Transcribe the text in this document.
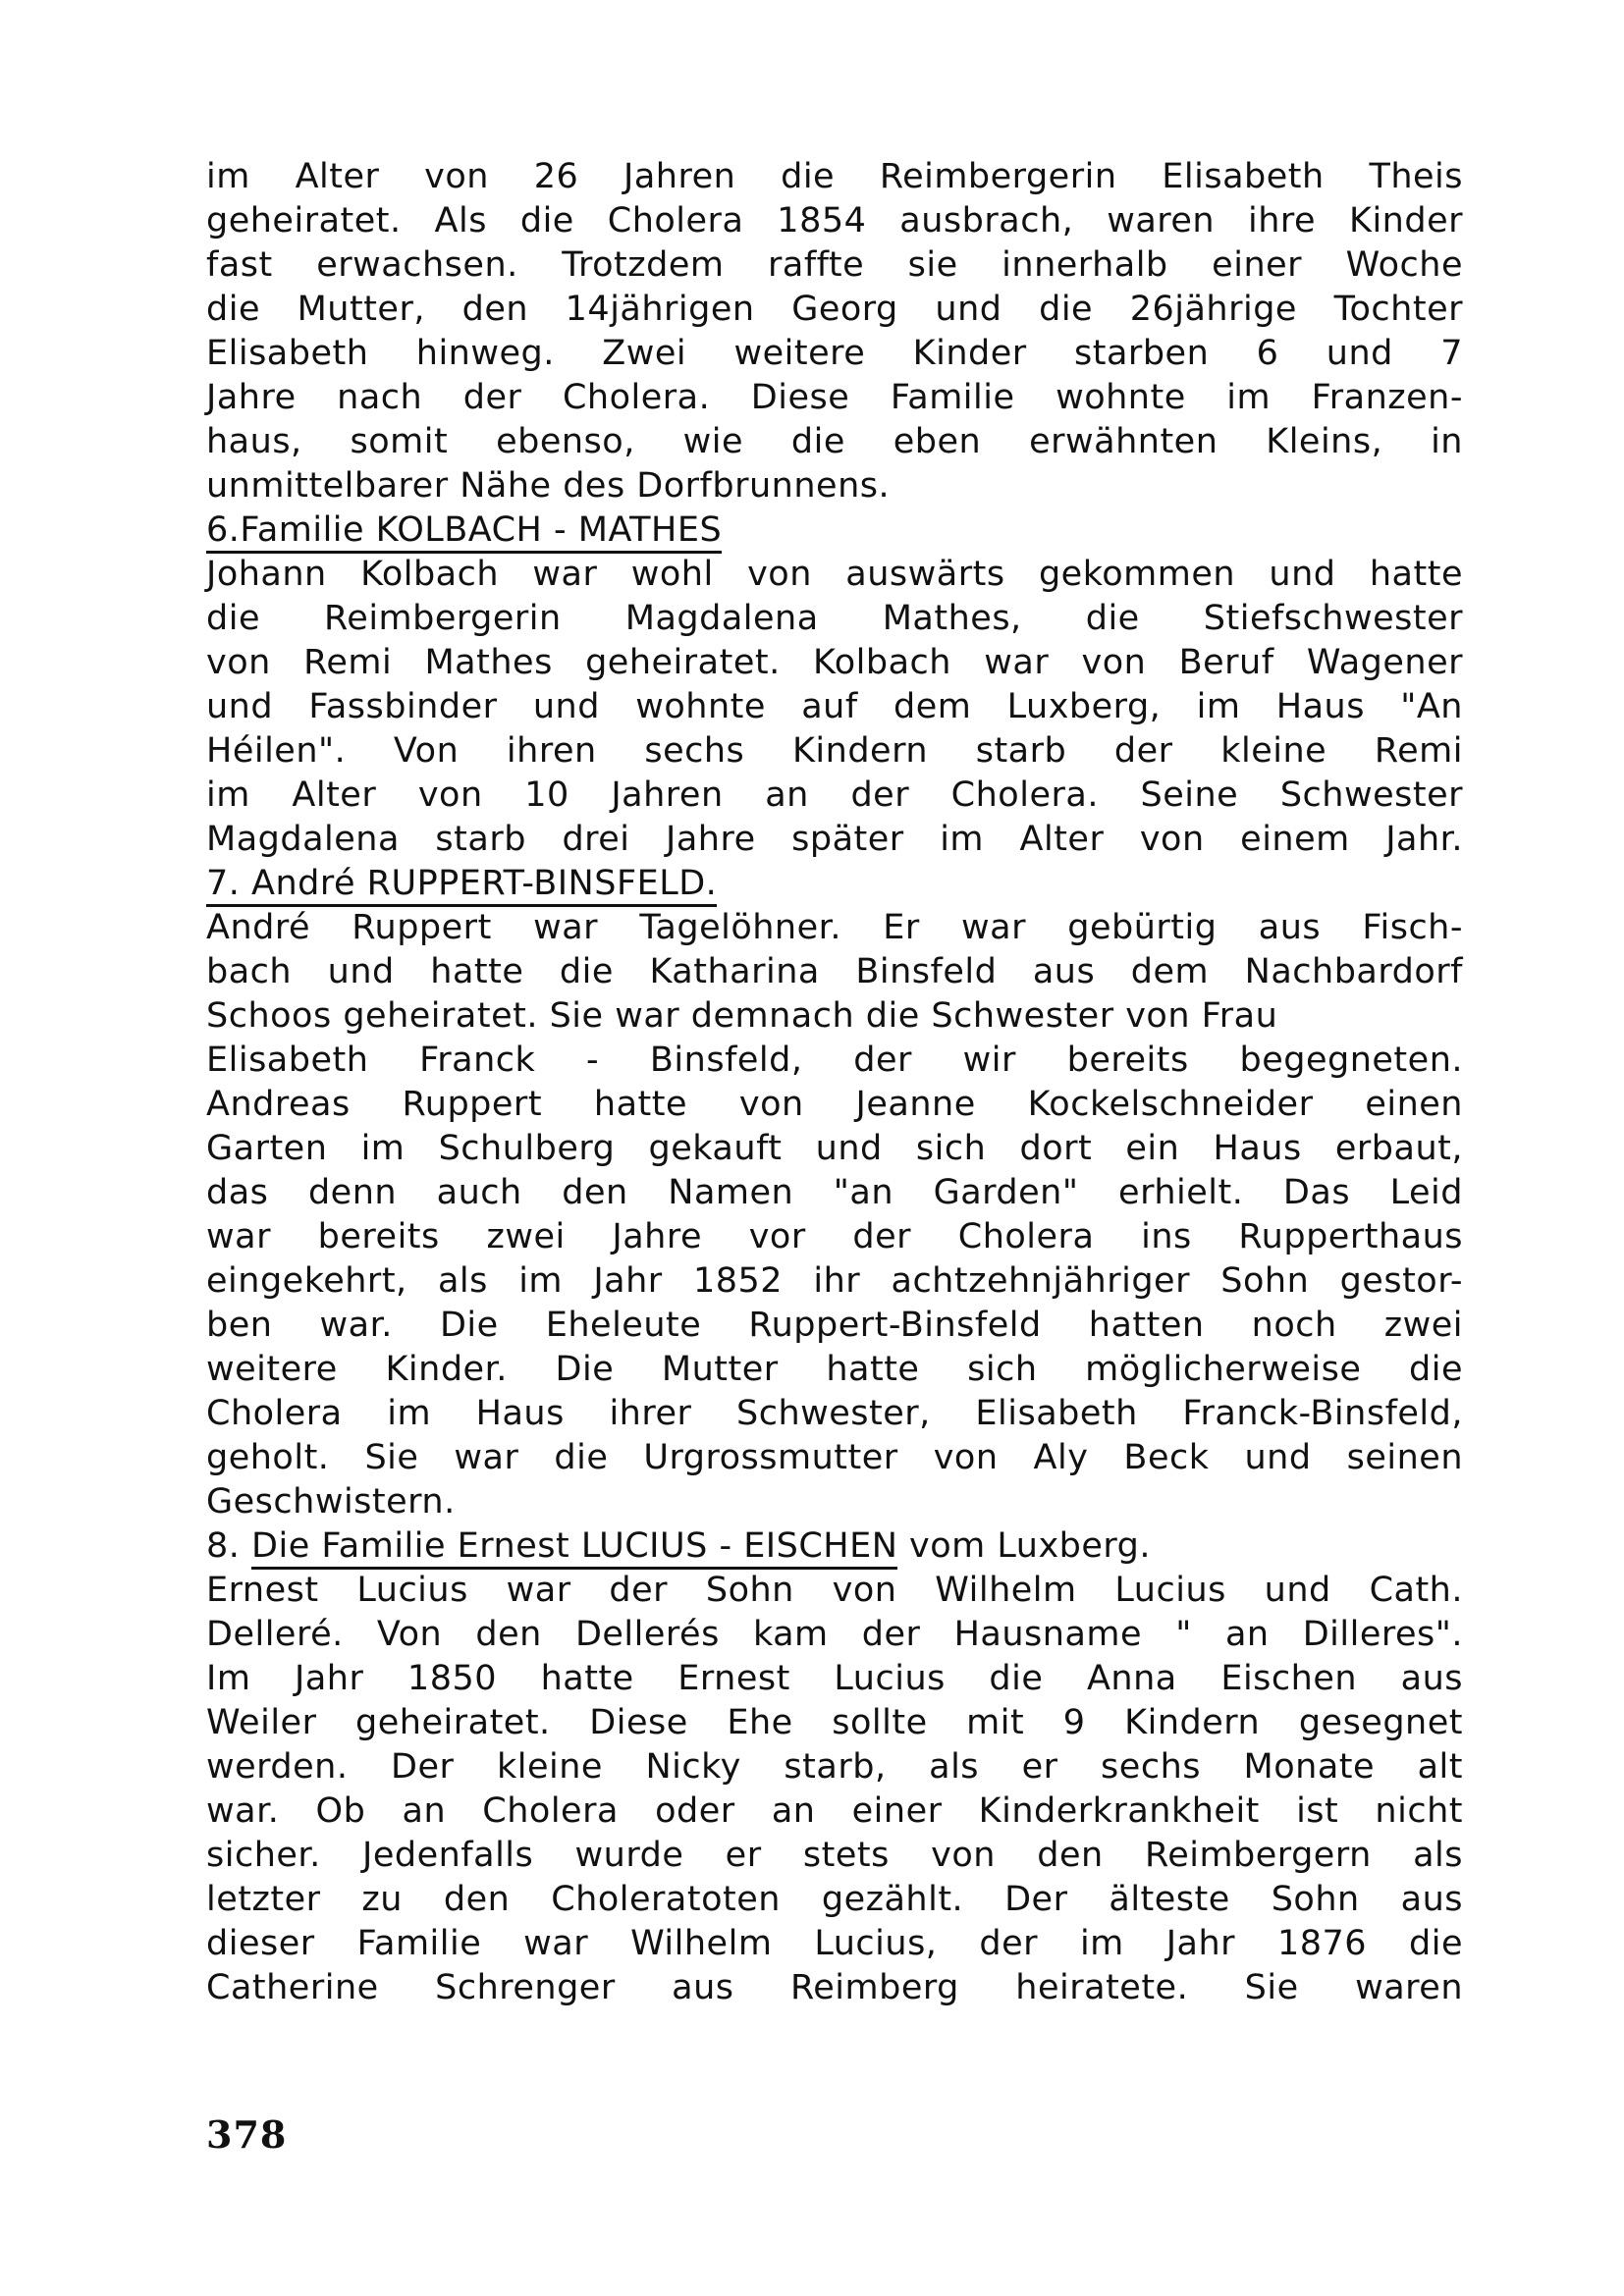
im Alter von 26 Jahren die Reimbergerin Elisabeth Theis
geheiratet. Als die Cholera 1854 ausbrach, waren ihre Kinder
fast erwachsen. Trotzdem raffte sie innerhalb einer Woche
die Mutter, den 14jährigen Georg und die 26jährige Tochter
Elisabeth hinweg. Zwei weitere Kinder starben 6 und 7
Jahre nach der Cholera. Diese Familie wohnte im Franzen-
haus, somit ebenso, wie die eben erwähnten Kleins, in
unmittelbarer Nähe des Dorfbrunnens.
6.Familie KOLBACH - MATHES
Johann Kolbach war wohl von auswärts gekommen und hatte
die Reimbergerin Magdalena Mathes, die Stiefschwester
von Remi Mathes geheiratet. Kolbach war von Beruf Wagener
und Fassbinder und wohnte auf dem Luxberg, im Haus "An
Héilen". Von ihren sechs Kindern starb der kleine Remi
im Alter von 10 Jahren an der Cholera. Seine Schwester
Magdalena starb drei Jahre später im Alter von einem Jahr.
7. André RUPPERT-BINSFELD.
André Ruppert war Tagelöhner. Er war gebürtig aus Fisch-
bach und hatte die Katharina Binsfeld aus dem Nachbardorf
Schoos geheiratet. Sie war demnach die Schwester von Frau
Elisabeth Franck - Binsfeld, der wir bereits begegneten.
Andreas Ruppert hatte von Jeanne Kockelschneider einen
Garten im Schulberg gekauft und sich dort ein Haus erbaut,
das denn auch den Namen "an Garden" erhielt. Das Leid
war bereits zwei Jahre vor der Cholera ins Rupperthaus
eingekehrt, als im Jahr 1852 ihr achtzehnjähriger Sohn gestor-
ben war. Die Eheleute Ruppert-Binsfeld hatten noch zwei
weitere Kinder. Die Mutter hatte sich möglicherweise die
Cholera im Haus ihrer Schwester, Elisabeth Franck-Binsfeld,
geholt. Sie war die Urgrossmutter von Aly Beck und seinen
Geschwistern.
8. Die Familie Ernest LUCIUS - EISCHEN vom Luxberg.
Ernest Lucius war der Sohn von Wilhelm Lucius und Cath.
Delleré. Von den Dellerés kam der Hausname " an Dilleres".
Im Jahr 1850 hatte Ernest Lucius die Anna Eischen aus
Weiler geheiratet. Diese Ehe sollte mit 9 Kindern gesegnet
werden. Der kleine Nicky starb, als er sechs Monate alt
war. Ob an Cholera oder an einer Kinderkrankheit ist nicht
sicher. Jedenfalls wurde er stets von den Reimbergern als
letzter zu den Choleratoten gezählt. Der älteste Sohn aus
dieser Familie war Wilhelm Lucius, der im Jahr 1876 die
Catherine Schrenger aus Reimberg heiratete. Sie waren
378
